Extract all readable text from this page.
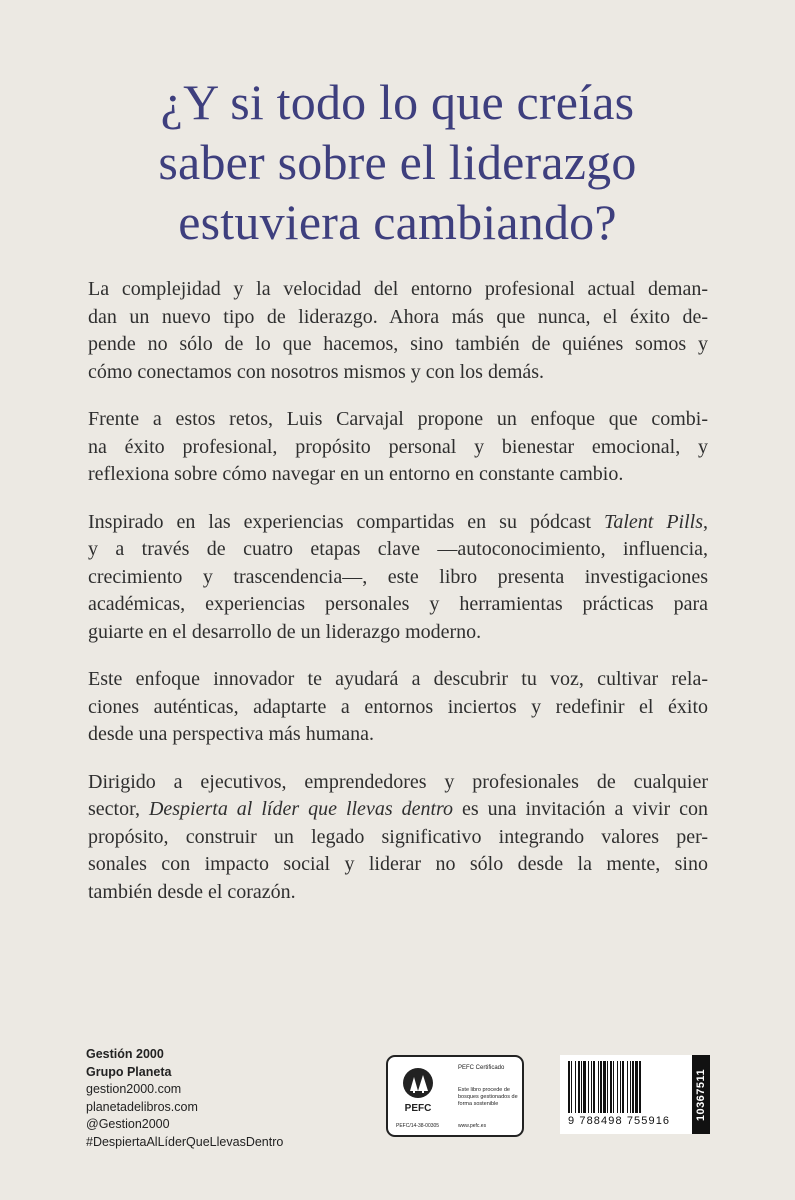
¿Y si todo lo que creías
saber sobre el liderazgo
estuviera cambiando?

La complejidad y la velocidad del entorno profesional actual deman-
dan un nuevo tipo de liderazgo. Ahora más que nunca, el éxito de-
pende no sólo de lo que hacemos, sino también de quiénes somos y
cómo conectamos con nosotros mismos y con los demás.

Frente a estos retos, Luis Carvajal propone un enfoque que combi-
na éxito profesional, propósito personal y bienestar emocional, y
reflexiona sobre cómo navegar en un entorno en constante cambio.

Inspirado en las experiencias compartidas en su pódcast Talent Pills,
y a través de cuatro etapas clave —autoconocimiento, influencia,
crecimiento y trascendencia—, este libro presenta investigaciones
académicas, experiencias personales y herramientas prácticas para
guiarte en el desarrollo de un liderazgo moderno.

Este enfoque innovador te ayudará a descubrir tu voz, cultivar rela-
ciones auténticas, adaptarte a entornos inciertos y redefinir el éxito
desde una perspectiva más humana.

Dirigido a ejecutivos, emprendedores y profesionales de cualquier
sector, Despierta al líder que llevas dentro es una invitación a vivir con
propósito, construir un legado significativo integrando valores per-
sonales con impacto social y liderar no sólo desde la mente, sino
también desde el corazón.

Gestión 2000
Grupo Planeta
gestion2000.com
planetadelibros.com
@Gestion2000
#DespiertaAlLíderQueLlevasDentro
PEFC
PEFC Certificado
Este libro procede de bosques gestionados de forma sostenible
PEFC/14-38-00305	www.pefc.es	9 788498 755916
10367511
